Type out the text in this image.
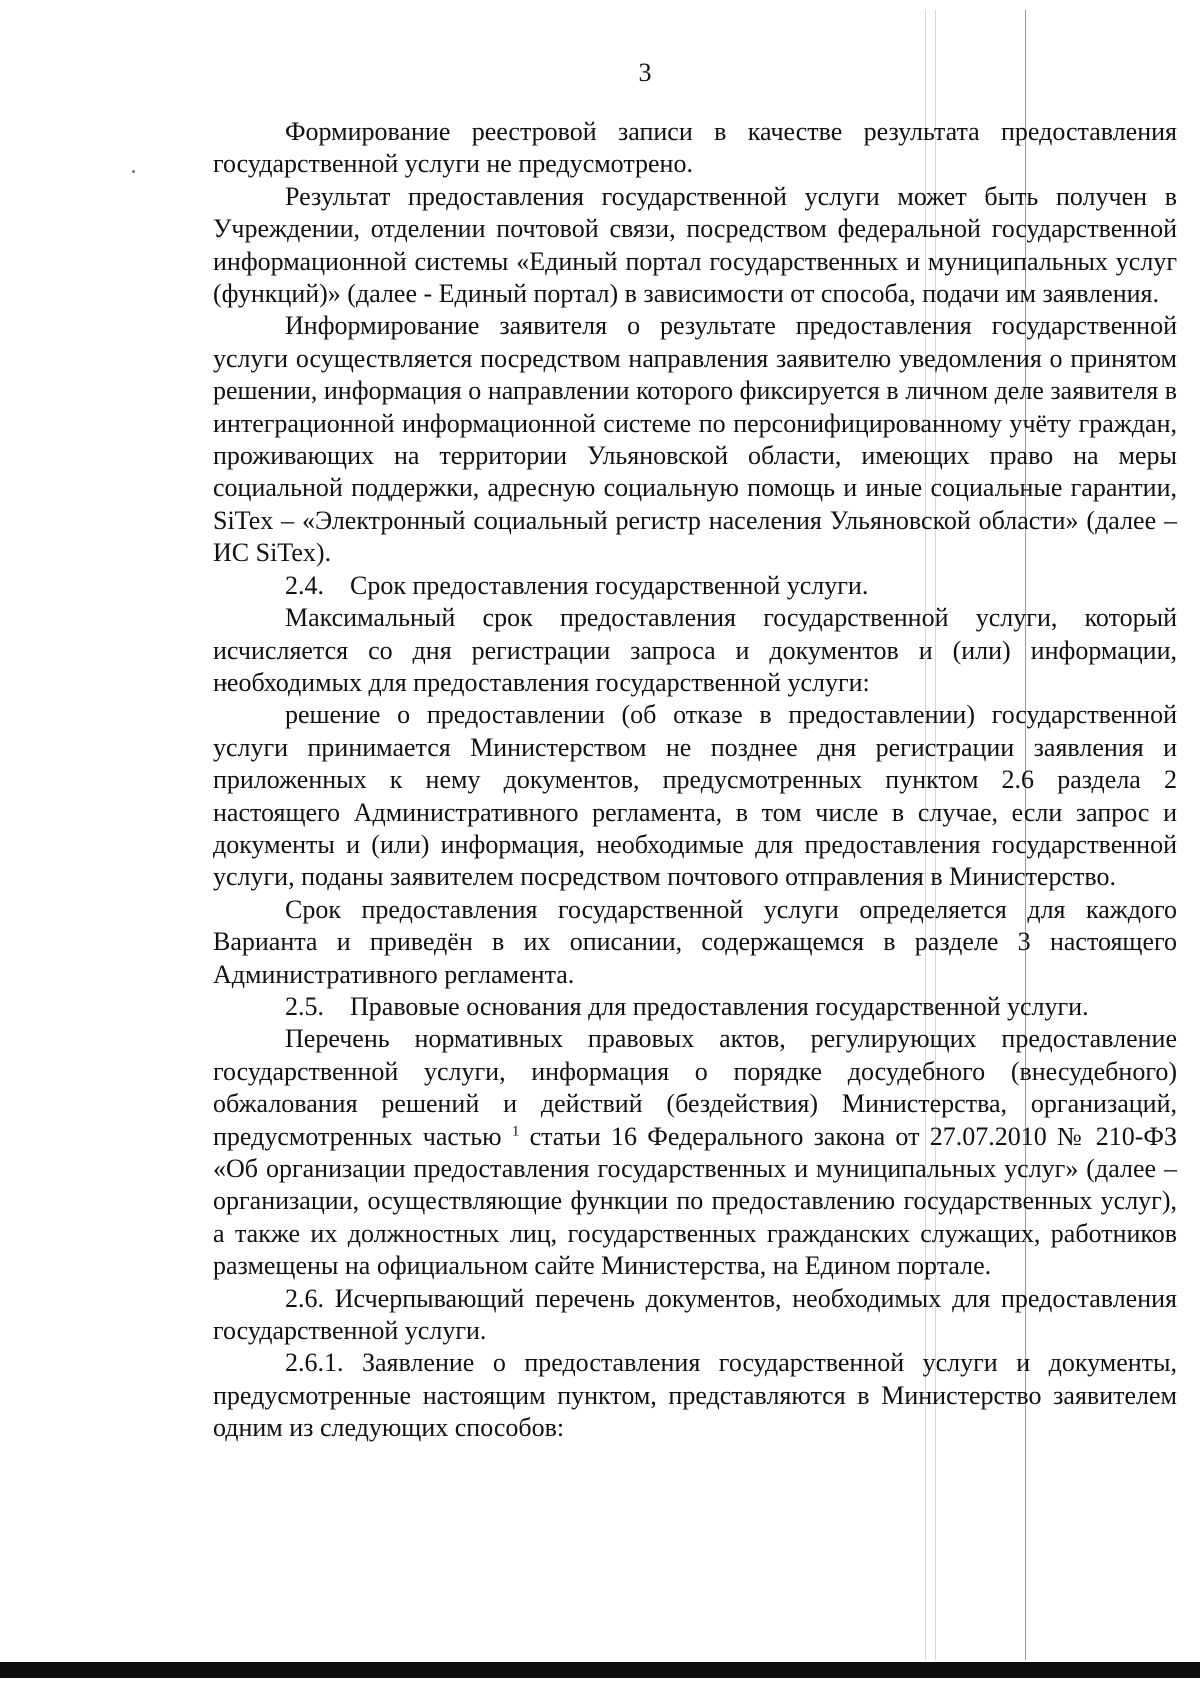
3

Формирование реестровой записи в качестве результата предоставления государственной услуги не предусмотрено.

Результат предоставления государственной услуги может быть получен в Учреждении, отделении почтовой связи, посредством федеральной государственной информационной системы «Единый портал государственных и муниципальных услуг (функций)» (далее - Единый портал) в зависимости от способа, подачи им заявления.

Информирование заявителя о результате предоставления государственной услуги осуществляется посредством направления заявителю уведомления о принятом решении, информация о направлении которого фиксируется в личном деле заявителя в интеграционной информационной системе по персонифицированному учёту граждан, проживающих на территории Ульяновской области, имеющих право на меры социальной поддержки, адресную социальную помощь и иные социальные гарантии, SiTex – «Электронный социальный регистр населения Ульяновской области» (далее – ИС SiTex).

2.4.    Срок предоставления государственной услуги.

Максимальный срок предоставления государственной услуги, который исчисляется со дня регистрации запроса и документов и (или) информации, необходимых для предоставления государственной услуги:

решение о предоставлении (об отказе в предоставлении) государственной услуги принимается Министерством не позднее дня регистрации заявления и приложенных к нему документов, предусмотренных пунктом 2.6 раздела 2 настоящего Административного регламента, в том числе в случае, если запрос и документы и (или) информация, необходимые для предоставления государственной услуги, поданы заявителем посредством почтового отправления в Министерство.

Срок предоставления государственной услуги определяется для каждого Варианта и приведён в их описании, содержащемся в разделе 3 настоящего Административного регламента.

2.5.    Правовые основания для предоставления государственной услуги.

Перечень нормативных правовых актов, регулирующих предоставление государственной услуги, информация о порядке досудебного (внесудебного) обжалования решений и действий (бездействия) Министерства, организаций, предусмотренных частью $^1$ статьи 16 Федерального закона от 27.07.2010 № 210-ФЗ «Об организации предоставления государственных и муниципальных услуг» (далее – организации, осуществляющие функции по предоставлению государственных услуг), а также их должностных лиц, государственных гражданских служащих, работников размещены на официальном сайте Министерства, на Едином портале.

2.6. Исчерпывающий перечень документов, необходимых для предоставления государственной услуги.

2.6.1. Заявление о предоставления государственной услуги и документы, предусмотренные настоящим пунктом, представляются в Министерство заявителем одним из следующих способов:
